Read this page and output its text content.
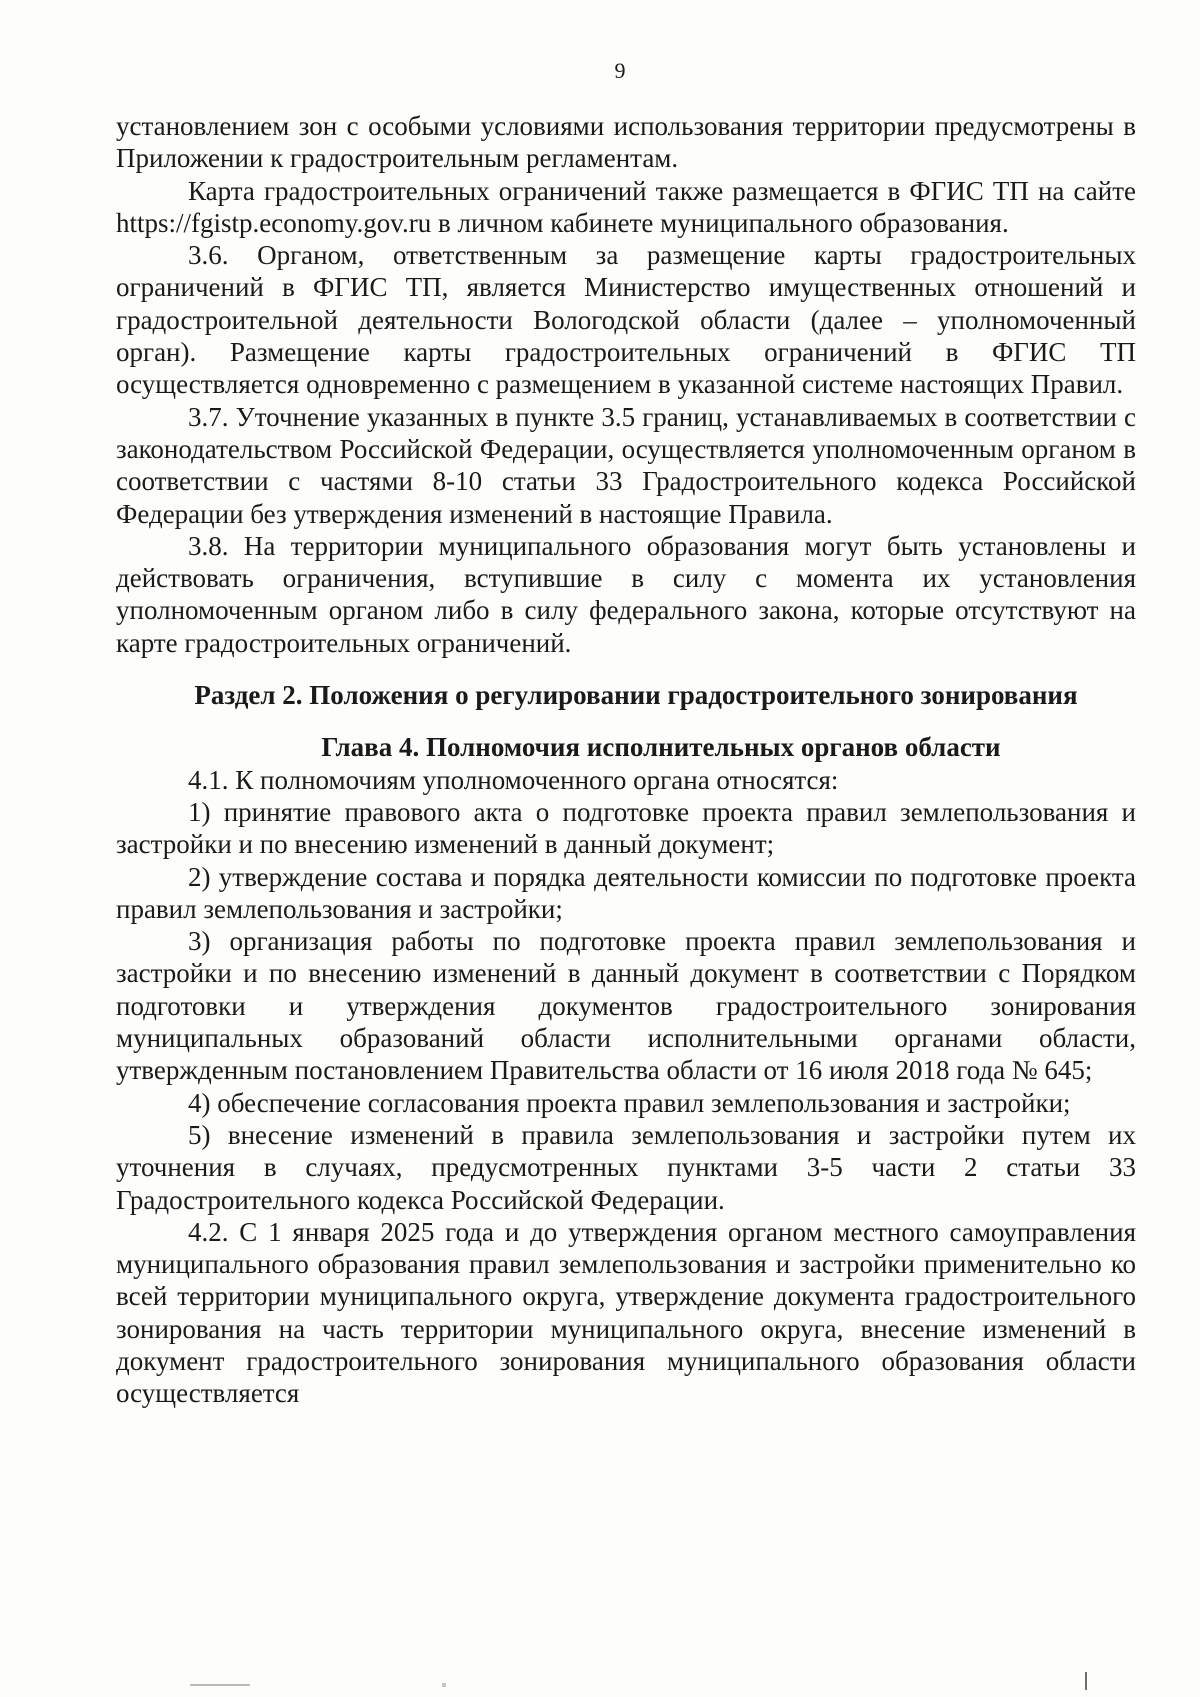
9

установлением зон с особыми условиями использования территории предусмотрены в Приложении к градостроительным регламентам.

Карта градостроительных ограничений также размещается в ФГИС ТП на сайте https://fgistp.economy.gov.ru в личном кабинете муниципального образования.

3.6. Органом, ответственным за размещение карты градостроительных ограничений в ФГИС ТП, является Министерство имущественных отношений и градостроительной деятельности Вологодской области (далее – уполномоченный орган). Размещение карты градостроительных ограничений в ФГИС ТП осуществляется одновременно с размещением в указанной системе настоящих Правил.

3.7. Уточнение указанных в пункте 3.5 границ, устанавливаемых в соответствии с законодательством Российской Федерации, осуществляется уполномоченным органом в соответствии с частями 8-10 статьи 33 Градостроительного кодекса Российской Федерации без утверждения изменений в настоящие Правила.

3.8. На территории муниципального образования могут быть установлены и действовать ограничения, вступившие в силу с момента их установления уполномоченным органом либо в силу федерального закона, которые отсутствуют на карте градостроительных ограничений.

Раздел 2. Положения о регулировании градостроительного зонирования

Глава 4. Полномочия исполнительных органов области

4.1. К полномочиям уполномоченного органа относятся:

1) принятие правового акта о подготовке проекта правил землепользования и застройки и по внесению изменений в данный документ;

2) утверждение состава и порядка деятельности комиссии по подготовке проекта правил землепользования и застройки;

3) организация работы по подготовке проекта правил землепользования и застройки и по внесению изменений в данный документ в соответствии с Порядком подготовки и утверждения документов градостроительного зонирования муниципальных образований области исполнительными органами области, утвержденным постановлением Правительства области от 16 июля 2018 года № 645;

4) обеспечение согласования проекта правил землепользования и застройки;

5) внесение изменений в правила землепользования и застройки путем их уточнения в случаях, предусмотренных пунктами 3-5 части 2 статьи 33 Градостроительного кодекса Российской Федерации.

4.2. С 1 января 2025 года и до утверждения органом местного самоуправления муниципального образования правил землепользования и застройки применительно ко всей территории муниципального округа, утверждение документа градостроительного зонирования на часть территории муниципального округа, внесение изменений в документ градостроительного зонирования муниципального образования области осуществляется
